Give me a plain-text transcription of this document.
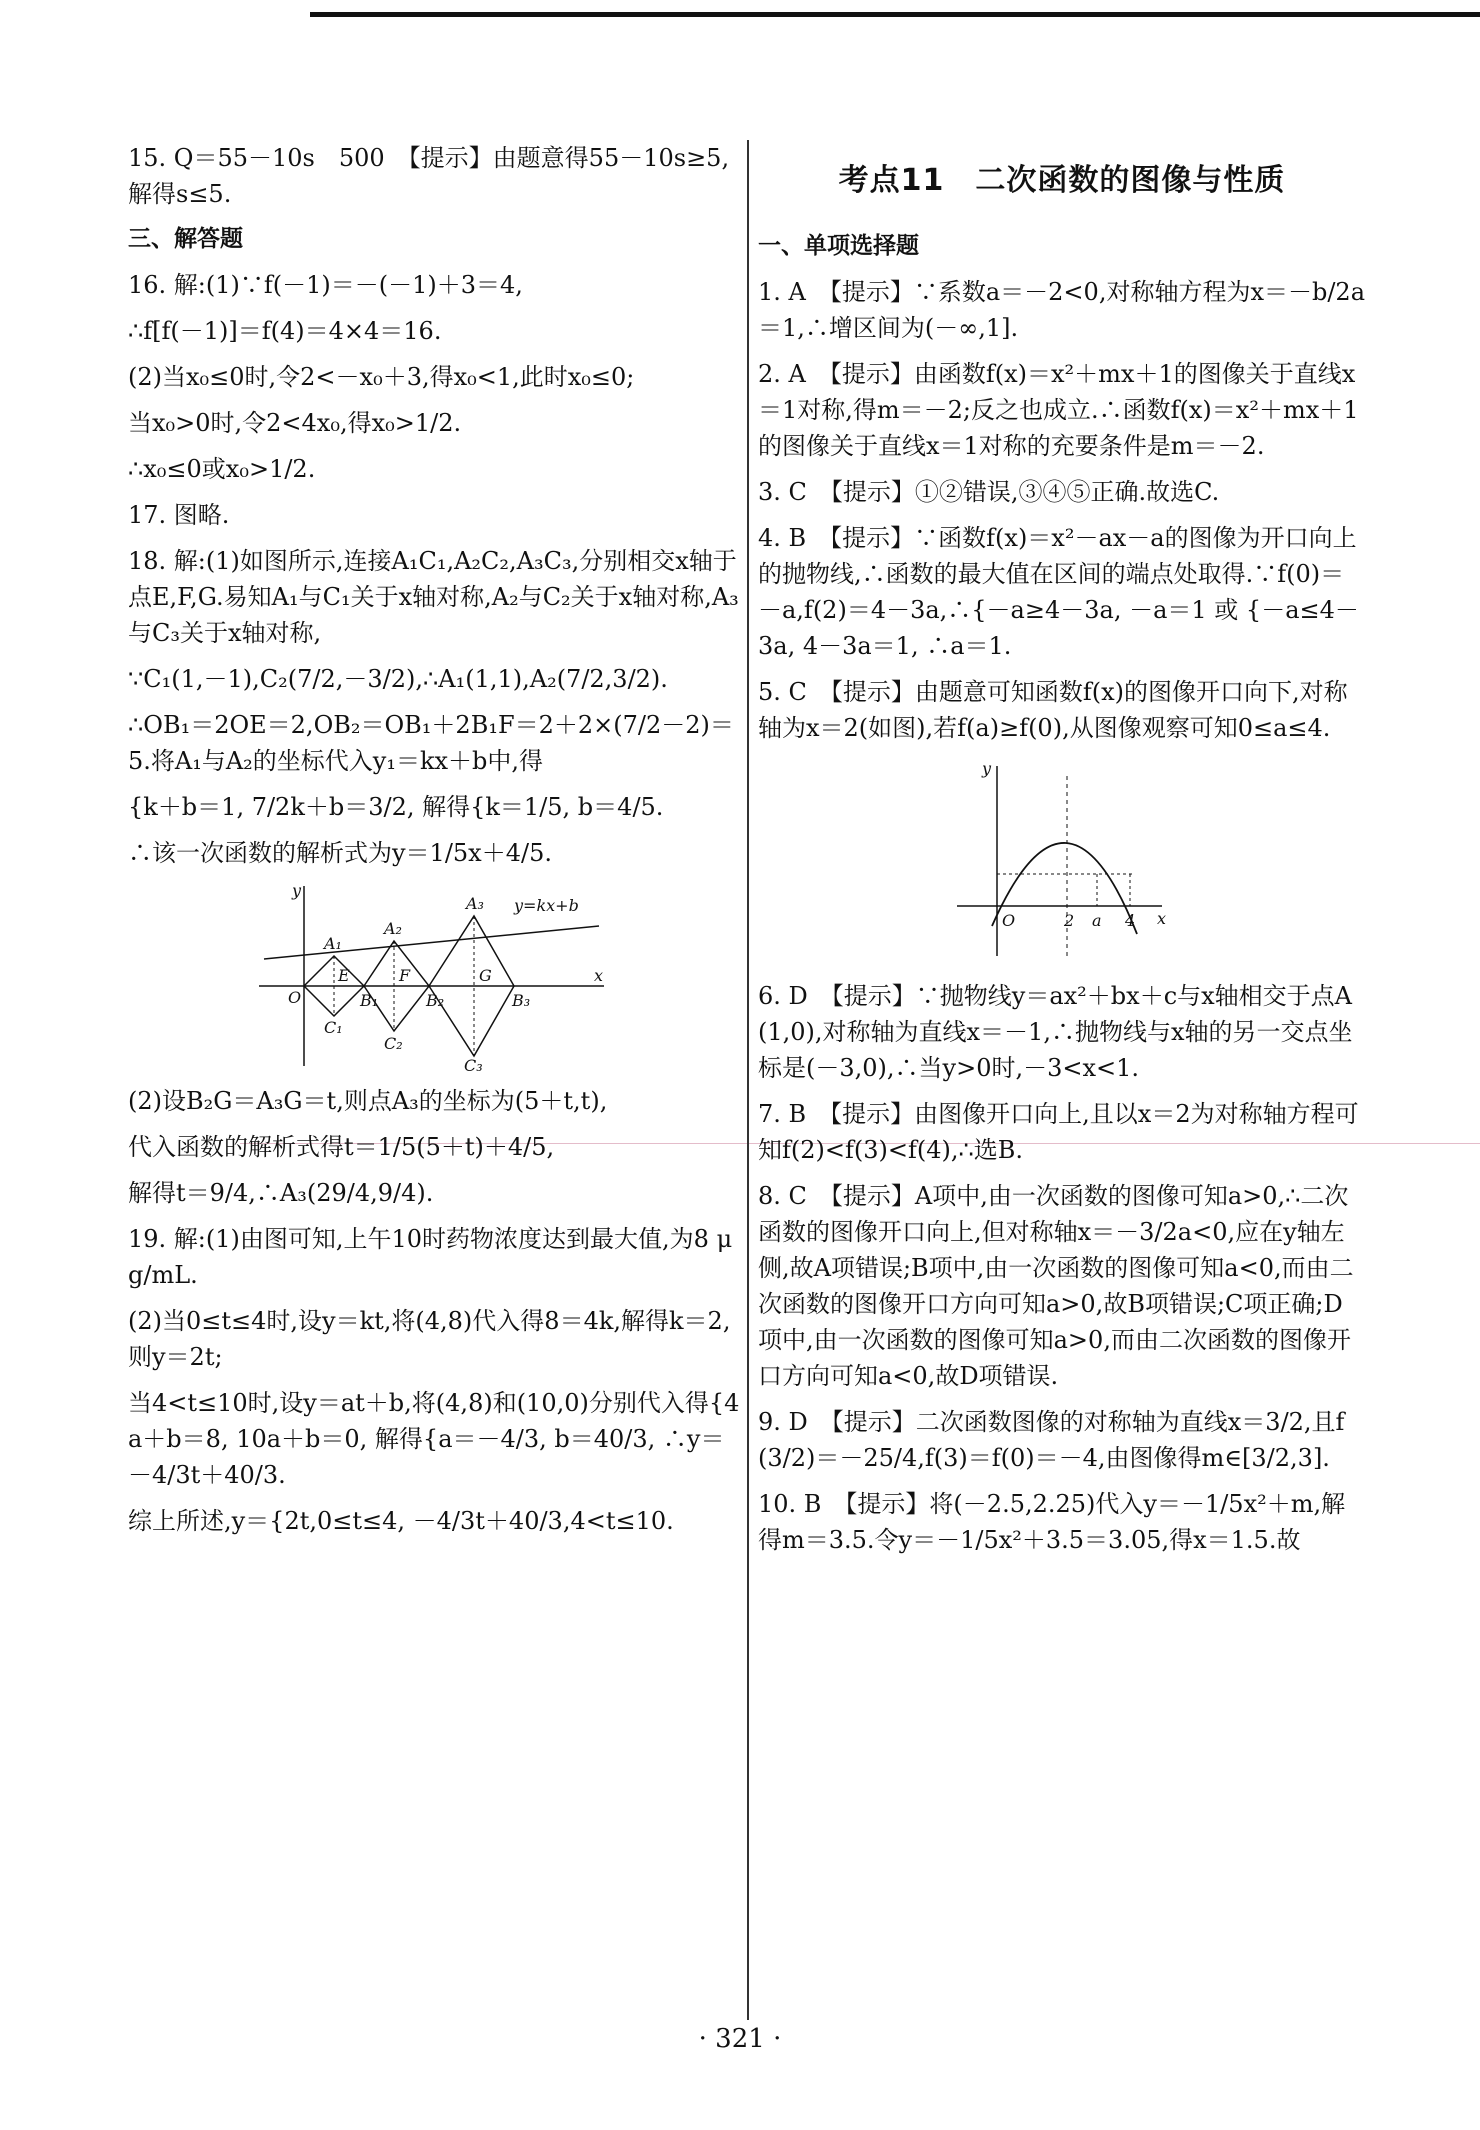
15. Q＝55－10s　500　【提示】由题意得55－10s≥5,解得s≤5.

三、解答题

16. 解:(1)∵f(－1)＝－(－1)＋3＝4,

∴f[f(－1)]＝f(4)＝4×4＝16.

(2)当x₀≤0时,令2<－x₀＋3,得x₀<1,此时x₀≤0;

当x₀>0时,令2<4x₀,得x₀>1/2.

∴x₀≤0或x₀>1/2.

17. 图略.

18. 解:(1)如图所示,连接A₁C₁,A₂C₂,A₃C₃,分别相交x轴于点E,F,G.易知A₁与C₁关于x轴对称,A₂与C₂关于x轴对称,A₃与C₃关于x轴对称,

∵C₁(1,－1),C₂(7/2,－3/2),∴A₁(1,1),A₂(7/2,3/2).

∴OB₁＝2OE＝2,OB₂＝OB₁＋2B₁F＝2＋2×(7/2－2)＝5.将A₁与A₂的坐标代入y₁＝kx＋b中,得

{k＋b＝1, 7/2k＋b＝3/2, 解得{k＝1/5, b＝4/5.

∴该一次函数的解析式为y＝1/5x＋4/5.

y
y=kx+b
A₁
A₂
A₃
O
E	F	G
B₁	B₂	B₃
C₁
C₂
C₃
x

(2)设B₂G＝A₃G＝t,则点A₃的坐标为(5＋t,t),

代入函数的解析式得t＝1/5(5＋t)＋4/5,

解得t＝9/4,∴A₃(29/4,9/4).

19. 解:(1)由图可知,上午10时药物浓度达到最大值,为8 μg/mL.

(2)当0≤t≤4时,设y＝kt,将(4,8)代入得8＝4k,解得k＝2,则y＝2t;

当4<t≤10时,设y＝at＋b,将(4,8)和(10,0)分别代入得{4a＋b＝8, 10a＋b＝0, 解得{a＝－4/3, b＝40/3, ∴y＝－4/3t＋40/3.

综上所述,y＝{2t,0≤t≤4, －4/3t＋40/3,4<t≤10.

考点11　二次函数的图像与性质
一、单项选择题

1. A　【提示】∵系数a＝－2<0,对称轴方程为x＝－b/2a＝1,∴增区间为(－∞,1].

2. A　【提示】由函数f(x)＝x²＋mx＋1的图像关于直线x＝1对称,得m＝－2;反之也成立.∴函数f(x)＝x²＋mx＋1的图像关于直线x＝1对称的充要条件是m＝－2.

3. C　【提示】①②错误,③④⑤正确.故选C.

4. B　【提示】∵函数f(x)＝x²－ax－a的图像为开口向上的抛物线,∴函数的最大值在区间的端点处取得.∵f(0)＝－a,f(2)＝4－3a,∴{－a≥4－3a, －a＝1 或 {－a≤4－3a, 4－3a＝1, ∴a＝1.

5. C　【提示】由题意可知函数f(x)的图像开口向下,对称轴为x＝2(如图),若f(a)≥f(0),从图像观察可知0≤a≤4.

y
O	2 a 4 x

6. D　【提示】∵抛物线y＝ax²＋bx＋c与x轴相交于点A(1,0),对称轴为直线x＝－1,∴抛物线与x轴的另一交点坐标是(－3,0),∴当y>0时,－3<x<1.

7. B　【提示】由图像开口向上,且以x＝2为对称轴方程可知f(2)<f(3)<f(4),∴选B.

8. C　【提示】A项中,由一次函数的图像可知a>0,∴二次函数的图像开口向上,但对称轴x＝－3/2a<0,应在y轴左侧,故A项错误;B项中,由一次函数的图像可知a<0,而由二次函数的图像开口方向可知a>0,故B项错误;C项正确;D项中,由一次函数的图像可知a>0,而由二次函数的图像开口方向可知a<0,故D项错误.

9. D　【提示】二次函数图像的对称轴为直线x＝3/2,且f(3/2)＝－25/4,f(3)＝f(0)＝－4,由图像得m∈[3/2,3].

10. B　【提示】将(－2.5,2.25)代入y＝－1/5x²＋m,解得m＝3.5.令y＝－1/5x²＋3.5＝3.05,得x＝1.5.故

· 321 ·
